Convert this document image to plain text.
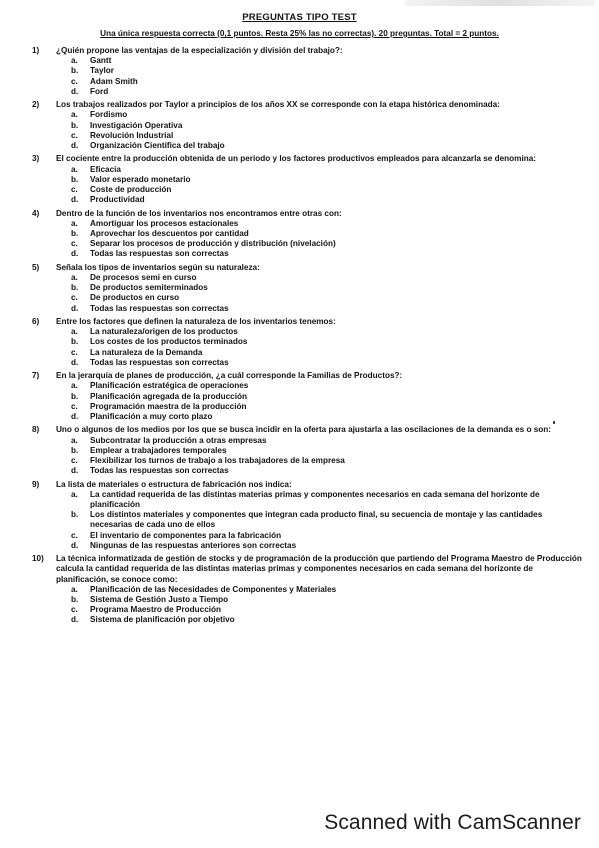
PREGUNTAS TIPO TEST
Una única respuesta correcta (0,1 puntos. Resta 25% las no correctas). 20 preguntas. Total = 2 puntos.
1)	¿Quién propone las ventajas de la especialización y división del trabajo?:
a.	Gantt
b.	Taylor
c.	Adam Smith
d.	Ford
2)	Los trabajos realizados por Taylor a principios de los años XX se corresponde con la etapa histórica denominada:
a.	Fordismo
b.	Investigación Operativa
c.	Revolución Industrial
d.	Organización Científica del trabajo
3)	El cociente entre la producción obtenida de un periodo y los factores productivos empleados para alcanzarla se denomina:
a.	Eficacia
b.	Valor esperado monetario
c.	Coste de producción
d.	Productividad
4)	Dentro de la función de los inventarios nos encontramos entre otras con:
a.	Amortiguar los procesos estacionales
b.	Aprovechar los descuentos por cantidad
c.	Separar los procesos de producción y distribución (nivelación)
d.	Todas las respuestas son correctas
5)	Señala los tipos de inventarios según su naturaleza:
a.	De procesos semi en curso
b.	De productos semiterminados
c.	De productos en curso
d.	Todas las respuestas son correctas
6)	Entre los factores que definen la naturaleza de los inventarios tenemos:
a.	La naturaleza/origen de los productos
b.	Los costes de los productos terminados
c.	La naturaleza de la Demanda
d.	Todas las respuestas son correctas
7)	En la jerarquía de planes de producción, ¿a cuál corresponde la Familias de Productos?:
a.	Planificación estratégica de operaciones
b.	Planificación agregada de la producción
c.	Programación maestra de la producción
d.	Planificación a muy corto plazo
8)	Uno o algunos de los medios por los que se busca incidir en la oferta para ajustarla a las oscilaciones de la demanda es o son:
a.	Subcontratar la producción a otras empresas
b.	Emplear a trabajadores temporales
c.	Flexibilizar los turnos de trabajo a los trabajadores de la empresa
d.	Todas las respuestas son correctas
9)	La lista de materiales o estructura de fabricación nos indica:
a.	La cantidad requerida de las distintas materias primas y componentes necesarios en cada semana del horizonte de planificación
b.	Los distintos materiales y componentes que integran cada producto final, su secuencia de montaje y las cantidades necesarias de cada uno de ellos
c.	El inventario de componentes para la fabricación
d.	Ningunas de las respuestas anteriores son correctas
10)	La técnica informatizada de gestión de stocks y de programación de la producción que partiendo del Programa Maestro de Producción calcula la cantidad requerida de las distintas materias primas y componentes necesarios en cada semana del horizonte de planificación, se conoce como:
a.	Planificación de las Necesidades de Componentes y Materiales
b.	Sistema de Gestión Justo a Tiempo
c.	Programa Maestro de Producción
d.	Sistema de planificación por objetivo
Scanned with CamScanner
